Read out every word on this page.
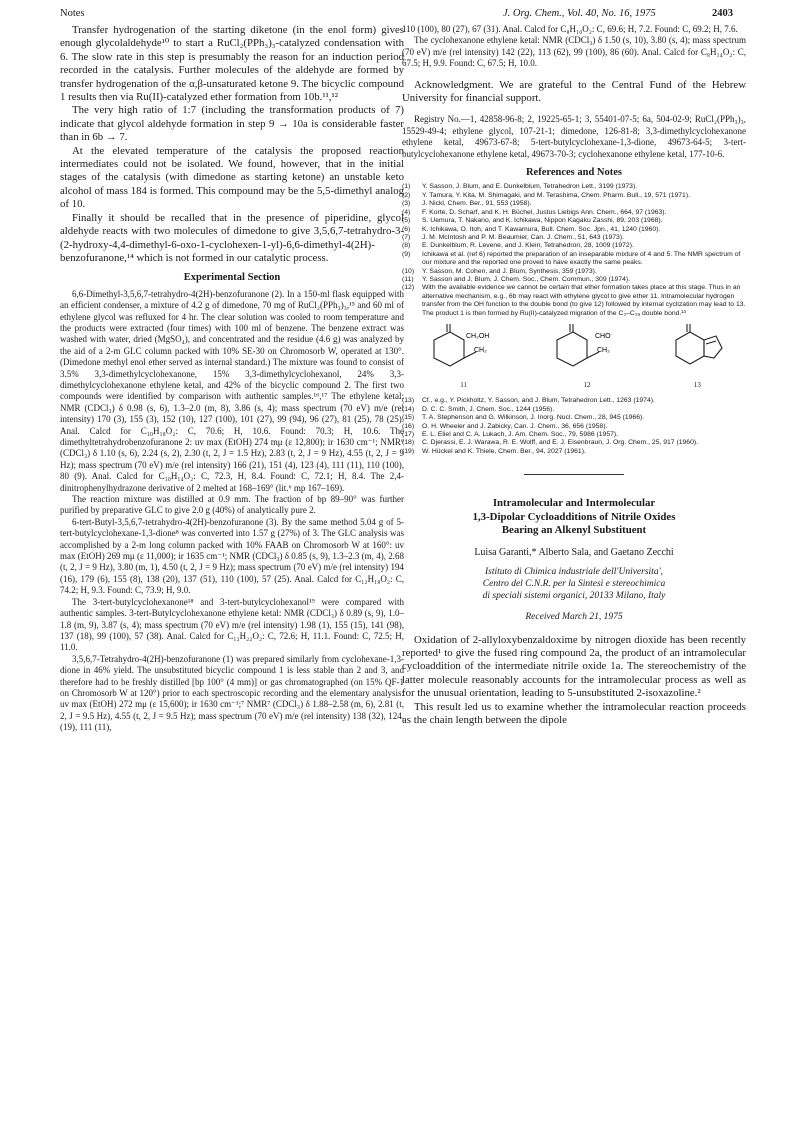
Notes	J. Org. Chem., Vol. 40, No. 16, 1975	2403

Transfer hydrogenation of the starting diketone (in the enol form) gives enough glycolaldehyde¹⁰ to start a RuCl₂(PPh₃)₃-catalyzed condensation with 6. The slow rate in this step is presumably the reason for an induction period recorded in the catalysis. Further molecules of the aldehyde are formed by transfer hydrogenation of the α,β-unsaturated ketone 9. The bicyclic compound 1 results then via Ru(II)-catalyzed ether formation from 10b.¹¹,¹²

The very high ratio of 1:7 (including the transformation products of 7) indicate that glycol aldehyde formation in step 9 → 10a is considerable faster than in 6b → 7.

At the elevated temperature of the catalysis the proposed reaction intermediates could not be isolated. We found, however, that in the initial stages of the catalysis (with dimedone as starting ketone) an unstable keto alcohol of mass 184 is formed. This compound may be the 5,5-dimethyl analog of 10.

Finally it should be recalled that in the presence of piperidine, glycol aldehyde reacts with two molecules of dimedone to give 3,5,6,7-tetrahydro-3-(2-hydroxy-4,4-dimethyl-6-oxo-1-cyclohexen-1-yl)-6,6-dimethyl-4(2H)-benzofuranone,¹⁴ which is not formed in our catalytic process.

Experimental Section

6,6-Dimethyl-3,5,6,7-tetrahydro-4(2H)-benzofuranone (2). In a 150-ml flask equipped with an efficient condenser, a mixture of 4.2 g of dimedone, 70 mg of RuCl₂(PPh₃)₃,¹⁵ and 60 ml of ethylene glycol was refluxed for 4 hr. The clear solution was cooled to room temperature and the products were extracted (four times) with 100 ml of benzene. The benzene extract was washed with water, dried (MgSO₄), and concentrated and the residue (4.6 g) was analyzed by the aid of a 2-m GLC column packed with 10% SE-30 on Chromosorb W, operated at 130°. (Dimedone methyl enol ether served as internal standard.) The mixture was found to consist of 3.5% 3,3-dimethylcyclohexanone, 15% 3,3-dimethylcyclohexanol, 24% 3,3-dimethylcyclohexanone ethylene ketal, and 42% of the bicyclic compound 2. The first two compounds were identified by comparison with authentic samples.¹⁶,¹⁷ The ethylene ketal: NMR (CDCl₃) δ 0.98 (s, 6), 1.3–2.0 (m, 8), 3.86 (s, 4); mass spectrum (70 eV) m/e (rel intensity) 170 (3), 155 (3), 152 (10), 127 (100), 101 (27), 99 (94), 96 (27), 81 (25), 78 (25). Anal. Calcd for C₁₀H₁₈O₂: C, 70.6; H, 10.6. Found: 70.3; H, 10.6. The dimethyltetrahydrobenzofuranone 2: uv max (EtOH) 274 mμ (ε 12,800); ir 1630 cm⁻¹; NMR⁶ (CDCl₃) δ 1.10 (s, 6), 2.24 (s, 2), 2.30 (t, 2, J = 1.5 Hz), 2.83 (t, 2, J = 9 Hz), 4.55 (t, 2, J = 9 Hz); mass spectrum (70 eV) m/e (rel intensity) 166 (21), 151 (4), 123 (4), 111 (11), 110 (100), 80 (9). Anal. Calcd for C₁₀H₁₄O₂: C, 72.3, H, 8.4. Found: C, 72.1; H, 8.4. The 2,4-dinitrophenylhydrazone derivative of 2 melted at 168–169° (lit.⁶ mp 167–169).

The reaction mixture was distilled at 0.9 mm. The fraction of bp 89–90° was further purified by preparative GLC to give 2.0 g (40%) of analytically pure 2.

6-tert-Butyl-3,5,6,7-tetrahydro-4(2H)-benzofuranone (3). By the same method 5.04 g of 5-tert-butylcyclohexane-1,3-dione⁸ was converted into 1.57 g (27%) of 3. The GLC analysis was accomplished by a 2-m long column packed with 10% FAAB on Chromosorb W at 160°: uv max (EtOH) 269 mμ (ε 11,000); ir 1635 cm⁻¹; NMR (CDCl₃) δ 0.85 (s, 9), 1.3–2.3 (m, 4), 2.68 (t, 2, J = 9 Hz), 3.80 (m, 1), 4.50 (t, 2, J = 9 Hz); mass spectrum (70 eV) m/e (rel intensity) 194 (16), 179 (6), 155 (8), 138 (20), 137 (51), 110 (100), 57 (25). Anal. Calcd for C₁₂H₁₈O₂: C, 74.2; H, 9.3. Found: C, 73.9; H, 9.0.

The 3-tert-butylcyclohexanone¹⁸ and 3-tert-butylcyclohexanol¹⁹ were compared with authentic samples. 3-tert-Butylcyclohexanone ethylene ketal: NMR (CDCl₃) δ 0.89 (s, 9), 1.0–1.8 (m, 9), 3.87 (s, 4); mass spectrum (70 eV) m/e (rel intensity) 1.98 (1), 155 (15), 141 (98), 137 (18), 99 (100), 57 (38). Anal. Calcd for C₁₂H₂₂O₂: C, 72.6; H, 11.1. Found: C, 72.5; H, 11.0.

3,5,6,7-Tetrahydro-4(2H)-benzofuranone (1) was prepared similarly from cyclohexane-1,3-dione in 46% yield. The unsubstituted bicyclic compound 1 is less stable than 2 and 3, and therefore had to be freshly distilled [bp 100° (4 mm)] or gas chromatographed (on 15% QF-1 on Chromosorb W at 120°) prior to each spectroscopic recording and the elementary analysis: uv max (EtOH) 272 mμ (ε 15,600); ir 1630 cm⁻¹;⁷ NMR⁷ (CDCl₃) δ 1.88–2.58 (m, 6), 2.81 (t, 2, J = 9.5 Hz), 4.55 (t, 2, J = 9.5 Hz); mass spectrum (70 eV) m/e (rel intensity) 138 (32), 124, (19), 111 (11),

110 (100), 80 (27), 67 (31). Anal. Calcd for C₈H₁₀O₂: C, 69.6; H, 7.2. Found: C, 69.2; H, 7.6.

The cyclohexanone ethylene ketal: NMR (CDCl₃) δ 1.50 (s, 10), 3.80 (s, 4); mass spectrum (70 eV) m/e (rel intensity) 142 (22), 113 (62), 99 (100), 86 (60). Anal. Calcd for C₈H₁₄O₂: C, 67.5; H, 9.9. Found: C, 67.5; H, 10.0.

Acknowledgment. We are grateful to the Central Fund of the Hebrew University for financial support.

Registry No.—1, 42858-96-8; 2, 19225-65-1; 3, 55401-07-5; 6a, 504-02-9; RuCl₂(PPh₃)₃, 15529-49-4; ethylene glycol, 107-21-1; dimedone, 126-81-8; 3,3-dimethylcyclohexanone ethylene ketal, 49673-67-8; 5-tert-butylcyclohexane-1,3-dione, 49673-64-5; 3-tert-butylcyclohexanone ethylene ketal, 49673-70-3; cyclohexanone ethylene ketal, 177-10-6.

References and Notes
(1)	Y. Sasson, J. Blum, and E. Dunkelblum, Tetrahedron Lett., 3199 (1973).
(2)	Y. Tamura, Y. Kita, M. Shimagaki, and M. Terashima, Chem. Pharm. Bull., 19, 571 (1971).
(3)	J. Nickl, Chem. Ber., 91, 553 (1958).
(4)	F. Korte, D. Scharf, and K. H. Büchel, Justus Liebigs Ann. Chem., 664, 97 (1963).
(5)	S. Uemura, T. Nakano, and K. Ichikawa, Nippon Kagaku Zasshi, 89, 203 (1968).
(6)	K. Ichikawa, O. Itoh, and T. Kawamura, Bull. Chem. Soc. Jpn., 41, 1240 (1960).
(7)	J. M. McIntosh and P. M. Beaumier, Can. J. Chem., 51, 643 (1973).
(8)	E. Dunkelblum, R. Levene, and J. Klein, Tetrahedron, 28, 1009 (1972).
(9)	Ichikawa et al. (ref 6) reported the preparation of an inseparable mixture of 4 and 5. The NMR spectrum of our mixture and the reported one proved to have exactly the same peaks.
(10)	Y. Sasson, M. Cohen, and J. Blum, Synthesis, 359 (1973).
(11)	Y. Sasson and J. Blum, J. Chem. Soc., Chem. Commun., 309 (1974).
(12)	With the available evidence we cannot be certain that ether formation takes place at this stage. Thus in an alternative mechanism, e.g., 6b may react with ethylene glycol to give ether 11. Intramolecular hydrogen transfer from the OH function to the double bond (to give 12) followed by internal cyclization may lead to 13. The product 1 is then formed by Ru(II)-catalyzed migration of the C₃–C₃ₐ double bond.¹³
CH₂OH
CH₂
11
CHO
CH₂
12	13
(13)	Cf., e.g., Y. Pickholtz, Y. Sasson, and J. Blum, Tetrahedron Lett., 1263 (1974).
(14)	D. C. C. Smith, J. Chem. Soc., 1244 (1956).
(15)	T. A. Stephenson and G. Wilkinson, J. Inorg. Nucl. Chem., 28, 945 (1966).
(16)	O. H. Wheeler and J. Zabicky, Can. J. Chem., 36, 656 (1958).
(17)	E. L. Eliel and C. A. Lukach, J. Am. Chem. Soc., 79, 5986 (1957).
(18)	C. Djerassi, E. J. Warawa, R. E. Wolff, and E. J. Eisenbraun, J. Org. Chem., 25, 917 (1960).
(19)	W. Hückel and K. Thiele, Chem. Ber., 94, 2027 (1961).
Intramolecular and Intermolecular
1,3-Dipolar Cycloadditions of Nitrile Oxides
Bearing an Alkenyl Substituent
Luisa Garanti,* Alberto Sala, and Gaetano Zecchi
Istituto di Chimica industriale dell'Universita',
Centro del C.N.R. per la Sintesi e stereochimica
di speciali sistemi organici, 20133 Milano, Italy
Received March 21, 1975

Oxidation of 2-allyloxybenzaldoxime by nitrogen dioxide has been recently reported¹ to give the fused ring compound 2a, the product of an intramolecular cycloaddition of the intermediate nitrile oxide 1a. The stereochemistry of the latter molecule reasonably accounts for the intramolecular process as well as for the unusual orientation, leading to 5-unsubstituted 2-isoxazoline.²

This result led us to examine whether the intramolecular reaction proceeds as the chain length between the dipole
